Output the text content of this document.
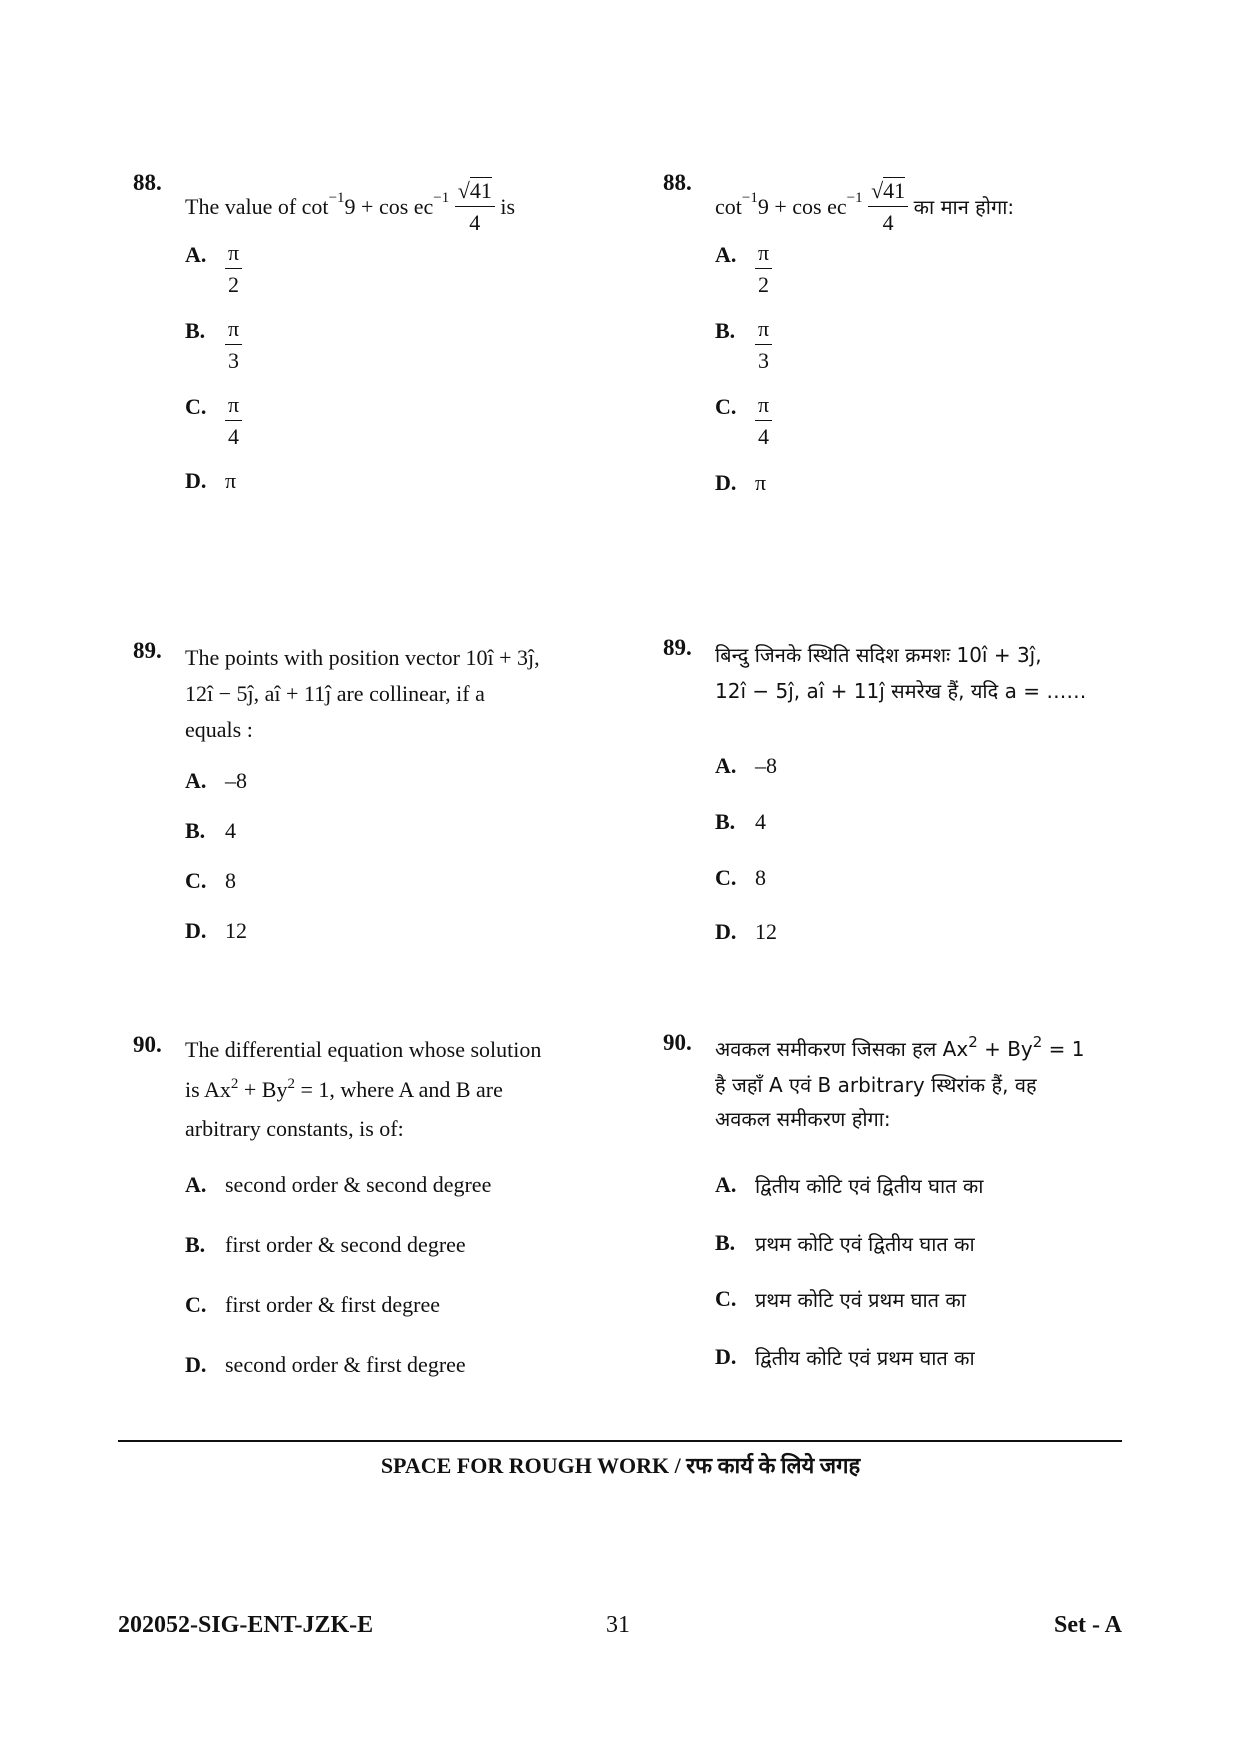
88.
The value of
cot −1 9 + cos ec −1
$\frac{√41}{4}$
is
A. $\frac{\pi}{2}$
B. $\frac{\pi}{3}$
C. $\frac{\pi}{4}$
D. π
89. The points with position vector 10î + 3ĵ,
12î − 5ĵ, aî + 11ĵ are collinear, if a
equals :
A. –8
B. 4
C. 8
D. 12
90. The differential equation whose solution
is $Ax^2 + By^2 = 1$, where A and B are
arbitrary constants, is of:
A. second order & second degree
B. first order & second degree
C. first order & first degree
D. second order & first degree
88.
cot −1 9 + cos ec −1
$\frac{√41}{4}$
का मान होगा:
A. $\frac{\pi}{2}$
B. $\frac{\pi}{3}$
C. $\frac{\pi}{4}$
D. π
89. बिन्दु जिनके स्थिति सदिश क्रमशः 10î + 3ĵ,
12î − 5ĵ, aî + 11ĵ समरेख हैं, यदि a = ……
A. –8
B. 4
C. 8
D. 12
90. अवकल समीकरण जिसका हल $Ax^2 + By^2 = 1$
है जहाँ A एवं B arbitrary स्थिरांक हैं, वह
अवकल समीकरण होगा:
A. द्वितीय कोटि एवं द्वितीय घात का
B. प्रथम कोटि एवं द्वितीय घात का
C. प्रथम कोटि एवं प्रथम घात का
D. द्वितीय कोटि एवं प्रथम घात का
SPACE FOR ROUGH WORK / रफ कार्य के लिये जगह
202052-SIG-ENT-JZK-E	31	Set - A
